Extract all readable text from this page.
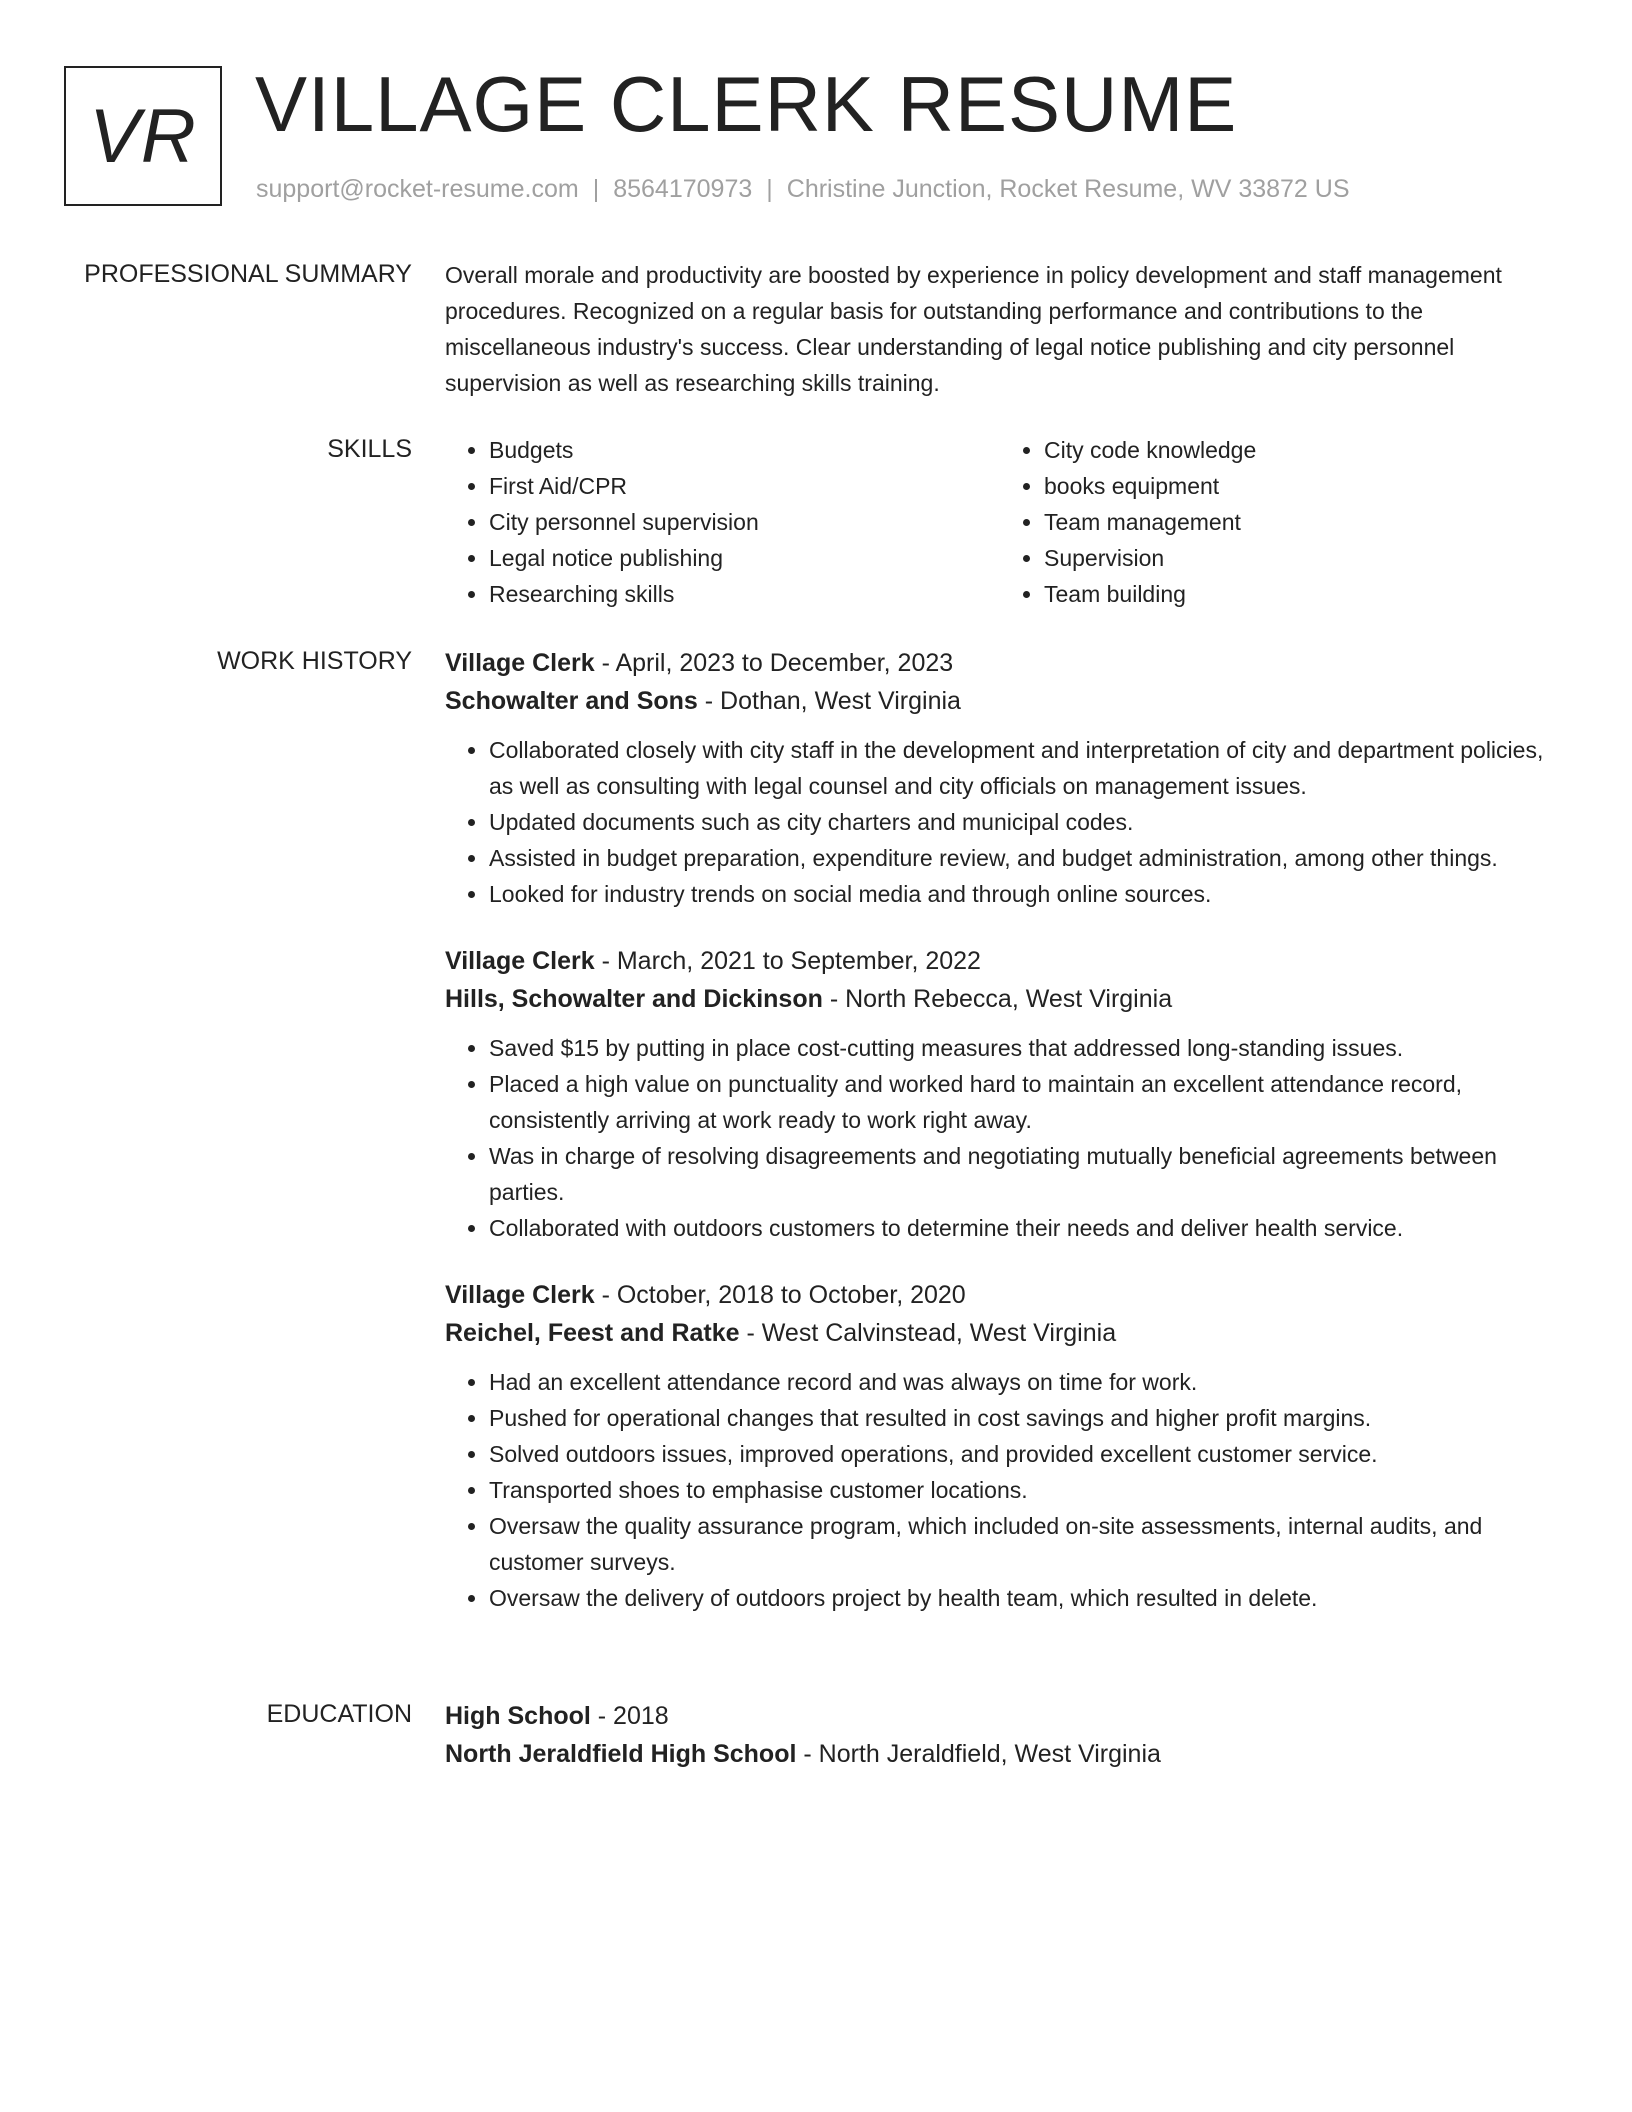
VR VILLAGE CLERK RESUME
support@rocket-resume.com | 8564170973 | Christine Junction, Rocket Resume, WV 33872 US
PROFESSIONAL SUMMARY Overall morale and productivity are boosted by experience in policy development and staff management procedures. Recognized on a regular basis for outstanding performance and contributions to the miscellaneous industry's success. Clear understanding of legal notice publishing and city personnel supervision as well as researching skills training.

SKILLS
•	Budgets
• First Aid/CPR
• City personnel supervision
• Legal notice publishing
• Researching skills
• City code knowledge
• books equipment
• Team management
• Supervision
• Team building
WORK HISTORY Village Clerk - April, 2023 to December, 2023
Schowalter and Sons - Dothan, West Virginia
• Collaborated closely with city staff in the development and interpretation of city and department policies, as well as consulting with legal counsel and city officials on management issues.
• Updated documents such as city charters and municipal codes.
• Assisted in budget preparation, expenditure review, and budget administration, among other things.
• Looked for industry trends on social media and through online sources.
Village Clerk - March, 2021 to September, 2022
Hills, Schowalter and Dickinson - North Rebecca, West Virginia
• Saved $15 by putting in place cost-cutting measures that addressed long-standing issues.
• Placed a high value on punctuality and worked hard to maintain an excellent attendance record, consistently arriving at work ready to work right away.
• Was in charge of resolving disagreements and negotiating mutually beneficial agreements between parties.
• Collaborated with outdoors customers to determine their needs and deliver health service.
Village Clerk - October, 2018 to October, 2020
Reichel, Feest and Ratke - West Calvinstead, West Virginia
• Had an excellent attendance record and was always on time for work.
• Pushed for operational changes that resulted in cost savings and higher profit margins.
• Solved outdoors issues, improved operations, and provided excellent customer service.
• Transported shoes to emphasise customer locations.
• Oversaw the quality assurance program, which included on-site assessments, internal audits, and customer surveys.
• Oversaw the delivery of outdoors project by health team, which resulted in delete.
EDUCATION High School - 2018
North Jeraldfield High School - North Jeraldfield, West Virginia
